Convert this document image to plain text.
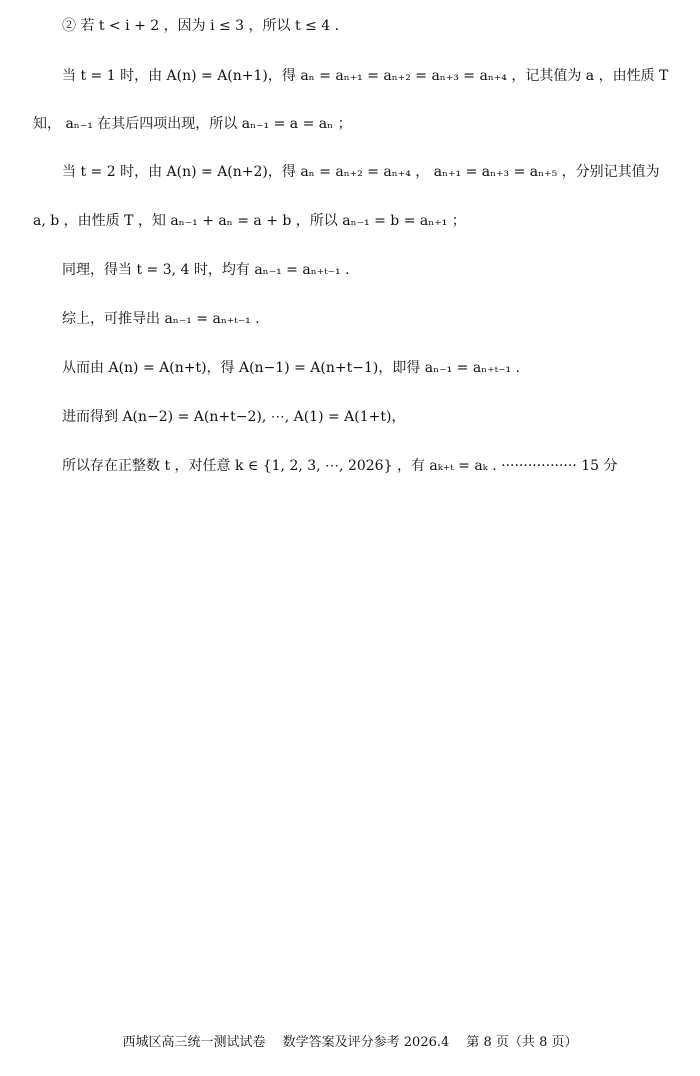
② 若 t < i + 2 ，因为 i ≤ 3 ，所以 t ≤ 4 .
当 t = 1 时，由 A(n) = A(n+1)，得 aₙ = aₙ₊₁ = aₙ₊₂ = aₙ₊₃ = aₙ₊₄ ，记其值为 a ，由性质 T
知， aₙ₋₁ 在其后四项出现，所以 aₙ₋₁ = a = aₙ ；
当 t = 2 时，由 A(n) = A(n+2)，得 aₙ = aₙ₊₂ = aₙ₊₄ ， aₙ₊₁ = aₙ₊₃ = aₙ₊₅ ，分别记其值为
a, b ，由性质 T ，知 aₙ₋₁ + aₙ = a + b ，所以 aₙ₋₁ = b = aₙ₊₁ ；
同理，得当 t = 3, 4 时，均有 aₙ₋₁ = aₙ₊ₜ₋₁ .
综上，可推导出 aₙ₋₁ = aₙ₊ₜ₋₁ .
从而由 A(n) = A(n+t)，得 A(n−1) = A(n+t−1)，即得 aₙ₋₁ = aₙ₊ₜ₋₁ .
进而得到 A(n−2) = A(n+t−2), ⋯, A(1) = A(1+t)，
所以存在正整数 t ，对任意 k ∈ {1, 2, 3, ⋯, 2026} ，有 aₖ₊ₜ = aₖ . ················· 15 分
西城区高三统一测试试卷　 数学答案及评分参考 2026.4　 第 8 页（共 8 页）
